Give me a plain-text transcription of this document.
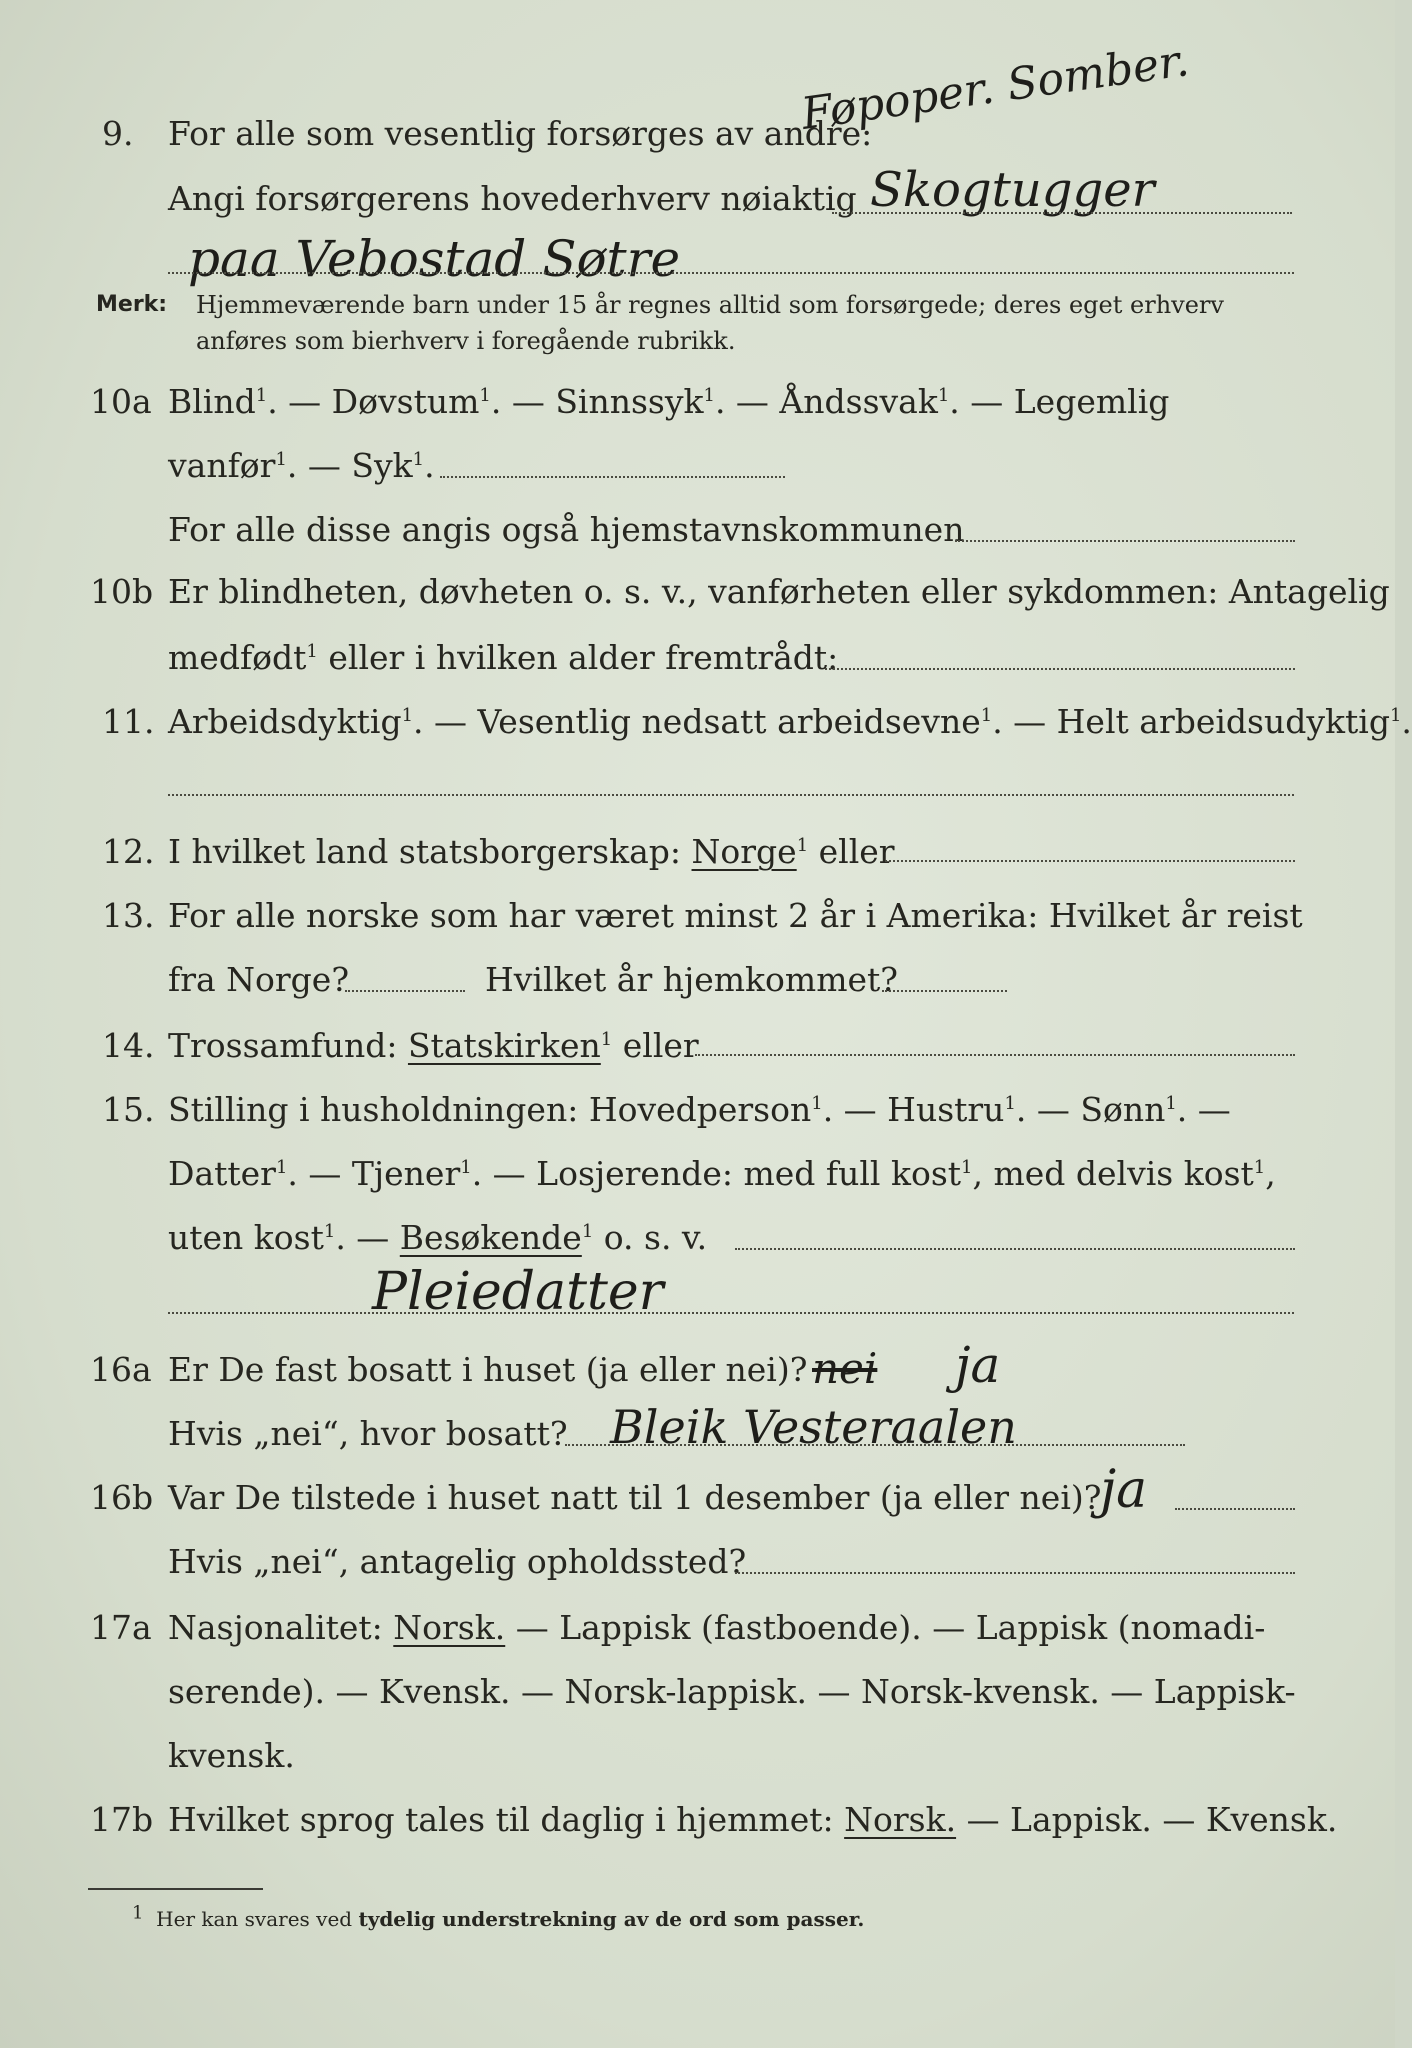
Føpoper. Somber.
9. For alle som vesentlig forsørges av andre:
Angi forsørgerens hovederhverv nøiaktig Skogtugger
paa Vebostad Søtre
Merk: Hjemmeværende barn under 15 år regnes alltid som forsørgede; deres eget erhverv
anføres som bierhverv i foregående rubrikk.
10a Blind$^1$. — Døvstum$^1$. — Sinnssyk$^1$. — Åndssvak$^1$. — Legemlig
vanfør$^1$. — Syk$^1$.
For alle disse angis også hjemstavnskommunen
10b Er blindheten, døvheten o. s. v., vanførheten eller sykdommen: Antagelig
medfødt$^1$ eller i hvilken alder fremtrådt:
11. Arbeidsdyktig$^1$. — Vesentlig nedsatt arbeidsevne$^1$. — Helt arbeidsudyktig$^1$.
12. I hvilket land statsborgerskap: Norge$^1$ eller
13. For alle norske som har været minst 2 år i Amerika: Hvilket år reist
fra Norge?	Hvilket år hjemkommet?
14. Trossamfund: Statskirken$^1$ eller
15. Stilling i husholdningen: Hovedperson$^1$. — Hustru$^1$. — Sønn$^1$. —
Datter$^1$. — Tjener$^1$. — Losjerende: med full kost$^1$, med delvis kost$^1$,
uten kost$^1$. — Besøkende$^1$ o. s. v.
Pleiedatter
16a Er De fast bosatt i huset (ja eller nei)? nei ja
Hvis „nei“, hvor bosatt? Bleik Vesteraalen
16b Var De tilstede i huset natt til 1 desember (ja eller nei)?
ja
Hvis „nei“, antagelig opholdssted?
17a Nasjonalitet: Norsk. — Lappisk (fastboende). — Lappisk (nomadi-
serende). — Kvensk. — Norsk-lappisk. — Norsk-kvensk. — Lappisk-
kvensk.
17b Hvilket sprog tales til daglig i hjemmet: Norsk. — Lappisk. — Kvensk.
$^1$ Her kan svares ved tydelig understrekning av de ord som passer.
